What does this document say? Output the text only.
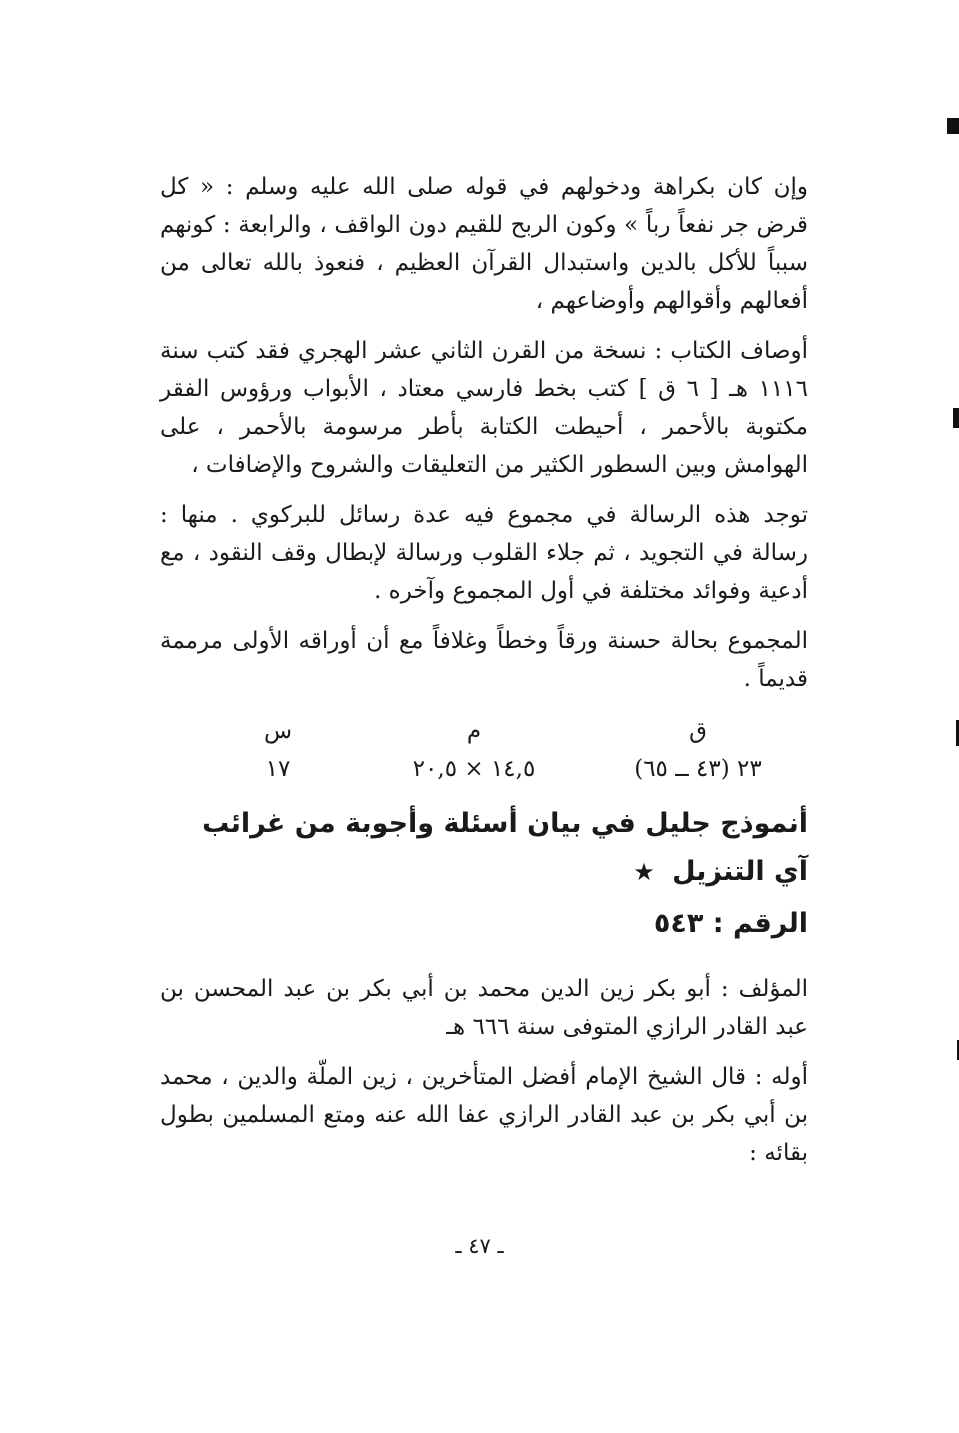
وإن كان بكراهة ودخولهم في قوله صلى الله عليه وسلم : « كل قرض جر نفعاً رباً » وكون الربح للقيم دون الواقف ، والرابعة : كونهم سبباً للأكل بالدين واستبدال القرآن العظيم ، فنعوذ بالله تعالى من أفعالهم وأقوالهم وأوضاعهم ،

أوصاف الكتاب : نسخة من القرن الثاني عشر الهجري فقد كتب سنة ١١١٦ هـ [ ٦ ق ] كتب بخط فارسي معتاد ، الأبواب ورؤوس الفقر مكتوبة بالأحمر ، أحيطت الكتابة بأطر مرسومة بالأحمر ، على الهوامش وبين السطور الكثير من التعليقات والشروح والإضافات ،

توجد هذه الرسالة في مجموع فيه عدة رسائل للبركوي . منها : رسالة في التجويد ، ثم جلاء القلوب ورسالة لإبطال وقف النقود ، مع أدعية وفوائد مختلفة في أول المجموع وآخره .

المجموع بحالة حسنة ورقاً وخطاً وغلافاً مع أن أوراقه الأولى مرممة قديماً .

ق
٢٣ (٤٣ ــ ٦٥)
م
١٤,٥ × ٢٠,٥
س
١٧
أنموذج جليل في بيان أسئلة وأجوبة من غرائب آي التنزيل ★
الرقم : ٥٤٣

المؤلف : أبو بكر زين الدين محمد بن أبي بكر بن عبد المحسن بن عبد القادر الرازي المتوفى سنة ٦٦٦ هـ

أوله : قال الشيخ الإمام أفضل المتأخرين ، زين الملّة والدين ، محمد بن أبي بكر بن عبد القادر الرازي عفا الله عنه ومتع المسلمين بطول بقائه :

ـ ٤٧ ـ
